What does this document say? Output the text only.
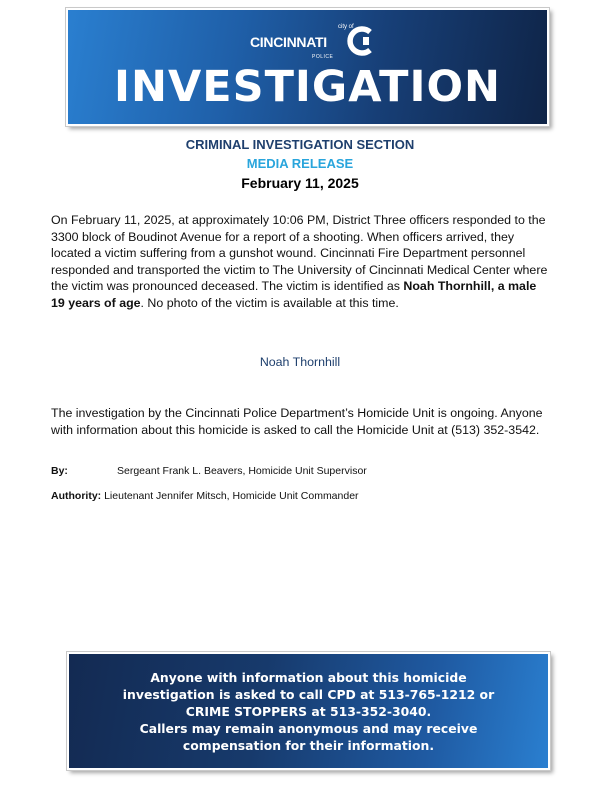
city of
CINCINNATI
POLICE
INVESTIGATION
CRIMINAL INVESTIGATION SECTION
MEDIA RELEASE
February 11, 2025
On February 11, 2025, at approximately 10:06 PM, District Three officers responded to the 3300 block of Boudinot Avenue for a report of a shooting. When officers arrived, they located a victim suffering from a gunshot wound. Cincinnati Fire Department personnel responded and transported the victim to The University of Cincinnati Medical Center where the victim was pronounced deceased. The victim is identified as Noah Thornhill, a male 19 years of age. No photo of the victim is available at this time.
Noah Thornhill
The investigation by the Cincinnati Police Department’s Homicide Unit is ongoing. Anyone with information about this homicide is asked to call the Homicide Unit at (513) 352-3542.
By:	Sergeant Frank L. Beavers, Homicide Unit Supervisor
Authority: Lieutenant Jennifer Mitsch, Homicide Unit Commander
Anyone with information about this homicide
investigation is asked to call CPD at 513-765-1212 or
CRIME STOPPERS at 513-352-3040.
Callers may remain anonymous and may receive
compensation for their information.
